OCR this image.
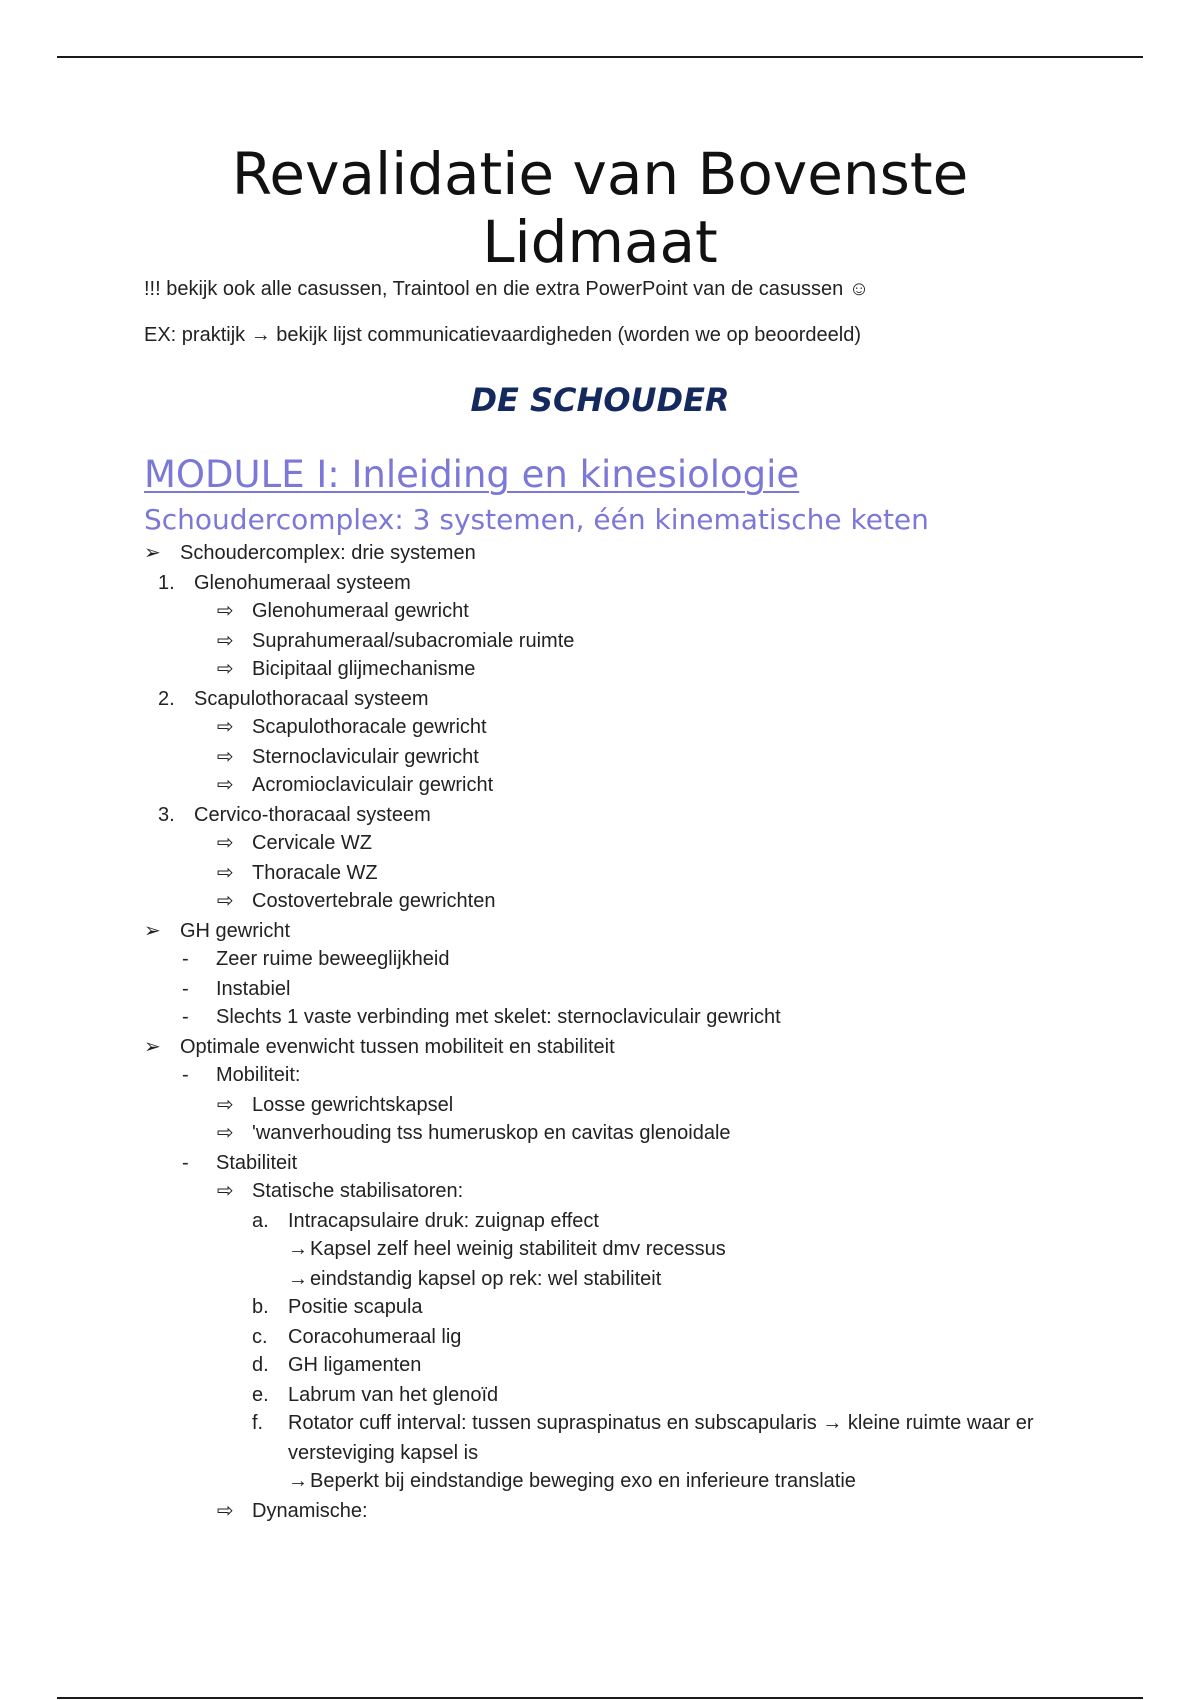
Revalidatie van Bovenste
Lidmaat
!!! bekijk ook alle casussen, Traintool en die extra PowerPoint van de casussen ☺
EX: praktijk → bekijk lijst communicatievaardigheden (worden we op beoordeeld)
DE SCHOUDER
MODULE I: Inleiding en kinesiologie
Schoudercomplex: 3 systemen, één kinematische keten
➢ Schoudercomplex: drie systemen
1. Glenohumeraal systeem
⇨ Glenohumeraal gewricht
⇨ Suprahumeraal/subacromiale ruimte
⇨ Bicipitaal glijmechanisme
2. Scapulothoracaal systeem
⇨ Scapulothoracale gewricht
⇨ Sternoclaviculair gewricht
⇨ Acromioclaviculair gewricht
3. Cervico-thoracaal systeem
⇨ Cervicale WZ
⇨ Thoracale WZ
⇨ Costovertebrale gewrichten
➢ GH gewricht
- Zeer ruime beweeglijkheid
- Instabiel
- Slechts 1 vaste verbinding met skelet: sternoclaviculair gewricht
➢ Optimale evenwicht tussen mobiliteit en stabiliteit
- Mobiliteit:
⇨ Losse gewrichtskapsel
⇨ 'wanverhouding tss humeruskop en cavitas glenoidale
- Stabiliteit
⇨ Statische stabilisatoren:
a. Intracapsulaire druk: zuignap effect
→ Kapsel zelf heel weinig stabiliteit dmv recessus
→ eindstandig kapsel op rek: wel stabiliteit
b. Positie scapula
c. Coracohumeraal lig
d. GH ligamenten
e. Labrum van het glenoïd
f. Rotator cuff interval: tussen supraspinatus en subscapularis → kleine ruimte waar er
versteviging kapsel is
→ Beperkt bij eindstandige beweging exo en inferieure translatie
⇨ Dynamische:
